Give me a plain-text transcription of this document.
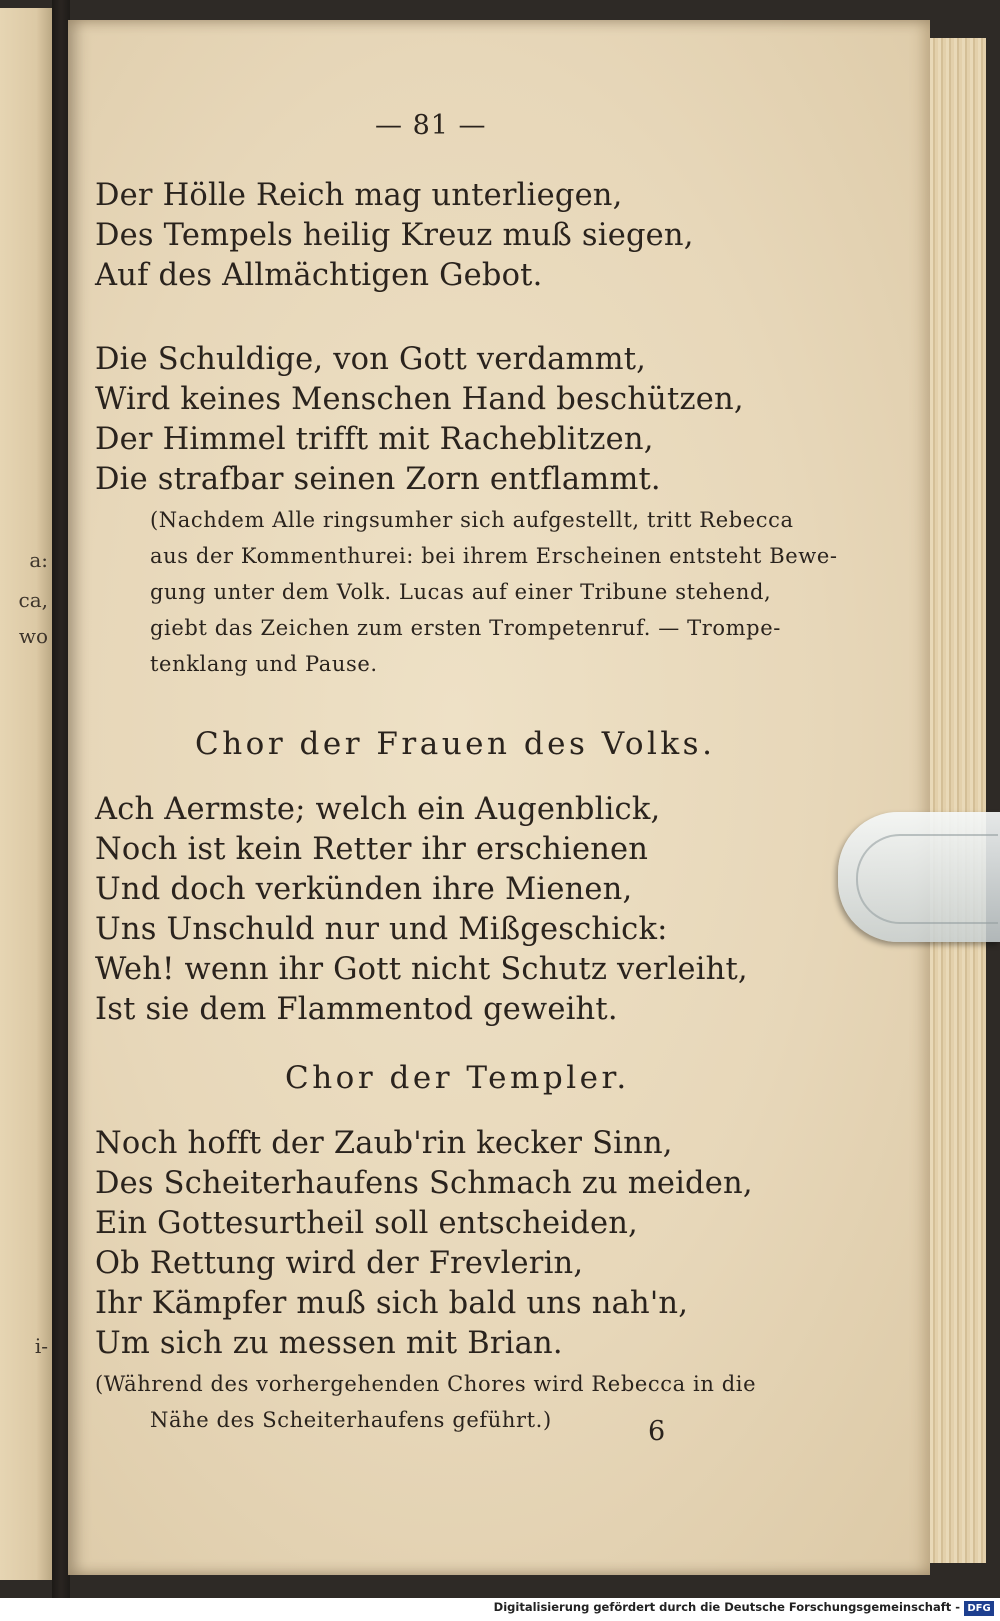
a:
ca,
wo
i-
— 81 —
Der Hölle Reich mag unterliegen,
Des Tempels heilig Kreuz muß siegen,
Auf des Allmächtigen Gebot.
Die Schuldige, von Gott verdammt,
Wird keines Menschen Hand beschützen,
Der Himmel trifft mit Racheblitzen,
Die strafbar seinen Zorn entflammt.
(Nachdem Alle ringsumher sich aufgestellt, tritt Rebecca
aus der Kommenthurei: bei ihrem Erscheinen entsteht Bewe-
gung unter dem Volk. Lucas auf einer Tribune stehend,
giebt das Zeichen zum ersten Trompetenruf. — Trompe-
tenklang und Pause.
Chor der Frauen des Volks.
Ach Aermste; welch ein Augenblick,
Noch ist kein Retter ihr erschienen
Und doch verkünden ihre Mienen,
Uns Unschuld nur und Mißgeschick:
Weh! wenn ihr Gott nicht Schutz verleiht,
Ist sie dem Flammentod geweiht.
Chor der Templer.
Noch hofft der Zaub'rin kecker Sinn,
Des Scheiterhaufens Schmach zu meiden,
Ein Gottesurtheil soll entscheiden,
Ob Rettung wird der Frevlerin,
Ihr Kämpfer muß sich bald uns nah'n,
Um sich zu messen mit Brian.
(Während des vorhergehenden Chores wird Rebecca in die
Nähe des Scheiterhaufens geführt.)	6
Digitalisierung gefördert durch die Deutsche Forschungsgemeinschaft - DFG
